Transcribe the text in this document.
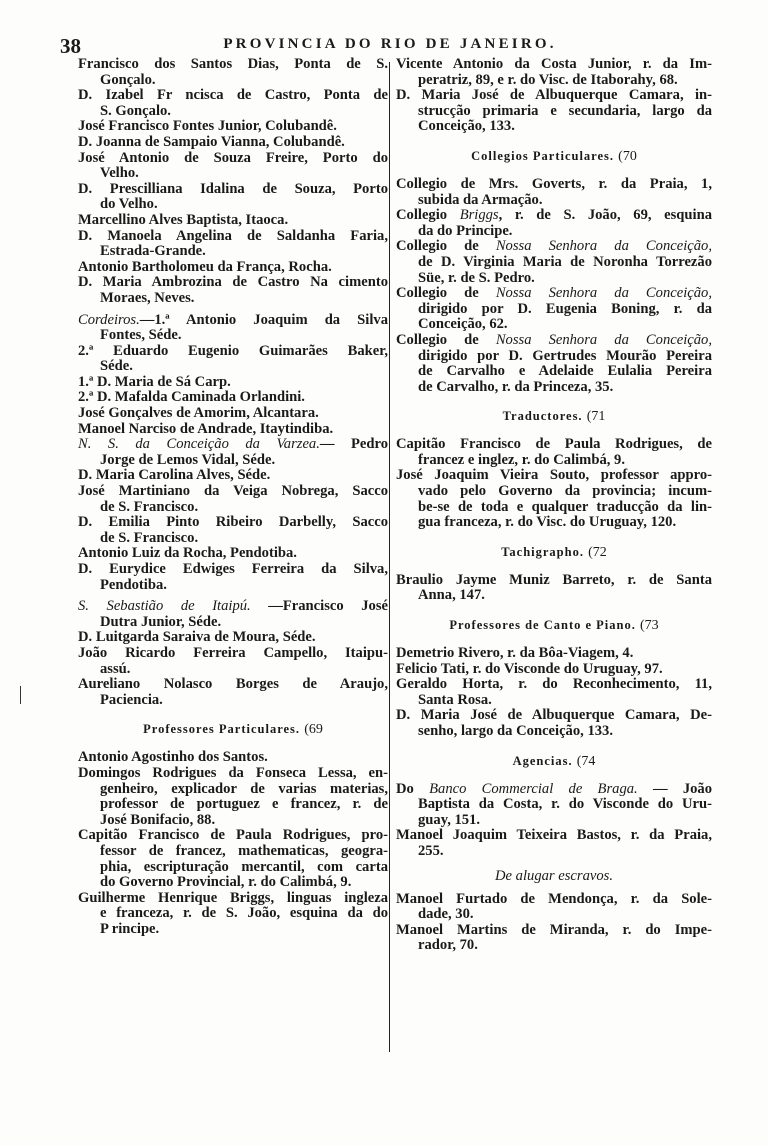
38	PROVINCIA DO RIO DE JANEIRO.
Francisco dos Santos Dias, Ponta de S.
Gonçalo.
D. Izabel Fr ncisca de Castro, Ponta de
S. Gonçalo.
José Francisco Fontes Junior, Colubandê.
D. Joanna de Sampaio Vianna, Colubandê.
José Antonio de Souza Freire, Porto do
Velho.
D. Prescilliana Idalina de Souza, Porto
do Velho.
Marcellino Alves Baptista, Itaoca.
D. Manoela Angelina de Saldanha Faria,
Estrada-Grande.
Antonio Bartholomeu da França, Rocha.
D. Maria Ambrozina de Castro Na cimento
Moraes, Neves.
Cordeiros.—1.ª Antonio Joaquim da Silva
Fontes, Séde.
2.ª Eduardo Eugenio Guimarães Baker,
Séde.
1.ª D. Maria de Sá Carp.
2.ª D. Mafalda Caminada Orlandini.
José Gonçalves de Amorim, Alcantara.
Manoel Narciso de Andrade, Itaytindiba.
N. S. da Conceição da Varzea.— Pedro
Jorge de Lemos Vidal, Séde.
D. Maria Carolina Alves, Séde.
José Martiniano da Veiga Nobrega, Sacco
de S. Francisco.
D. Emilia Pinto Ribeiro Darbelly, Sacco
de S. Francisco.
Antonio Luiz da Rocha, Pendotiba.
D. Eurydice Edwiges Ferreira da Silva,
Pendotiba.
S. Sebastião de Itaipú. —Francisco José
Dutra Junior, Séde.
D. Luitgarda Saraiva de Moura, Séde.
João Ricardo Ferreira Campello, Itaipu-
assú.
Aureliano Nolasco Borges de Araujo,
Paciencia.
Professores Particulares. (69
Antonio Agostinho dos Santos.
Domingos Rodrigues da Fonseca Lessa, en-
genheiro, explicador de varias materias,
professor de portuguez e francez, r. de
José Bonifacio, 88.
Capitão Francisco de Paula Rodrigues, pro-
fessor de francez, mathematicas, geogra-
phia, escripturação mercantil, com carta
do Governo Provincial, r. do Calimbá, 9.
Guilherme Henrique Briggs, linguas ingleza
e franceza, r. de S. João, esquina da do
P rincipe.
Vicente Antonio da Costa Junior, r. da Im-
peratriz, 89, e r. do Visc. de Itaborahy, 68.
D. Maria José de Albuquerque Camara, in-
strucção primaria e secundaria, largo da
Conceição, 133.
Collegios Particulares. (70
Collegio de Mrs. Goverts, r. da Praia, 1,
subida da Armação.
Collegio Briggs, r. de S. João, 69, esquina
da do Principe.
Collegio de Nossa Senhora da Conceição,
de D. Virginia Maria de Noronha Torrezão
Süe, r. de S. Pedro.
Collegio de Nossa Senhora da Conceição,
dirigido por D. Eugenia Boning, r. da
Conceição, 62.
Collegio de Nossa Senhora da Conceição,
dirigido por D. Gertrudes Mourão Pereira
de Carvalho e Adelaide Eulalia Pereira
de Carvalho, r. da Princeza, 35.
Traductores. (71
Capitão Francisco de Paula Rodrigues, de
francez e inglez, r. do Calimbá, 9.
José Joaquim Vieira Souto, professor appro-
vado pelo Governo da provincia; incum-
be-se de toda e qualquer traducção da lin-
gua franceza, r. do Visc. do Uruguay, 120.
Tachigrapho. (72
Braulio Jayme Muniz Barreto, r. de Santa
Anna, 147.
Professores de Canto e Piano. (73
Demetrio Rivero, r. da Bôa-Viagem, 4.
Felicio Tati, r. do Visconde do Uruguay, 97.
Geraldo Horta, r. do Reconhecimento, 11,
Santa Rosa.
D. Maria José de Albuquerque Camara, De-
senho, largo da Conceição, 133.
Agencias. (74
Do Banco Commercial de Braga. — João
Baptista da Costa, r. do Visconde do Uru-
guay, 151.
Manoel Joaquim Teixeira Bastos, r. da Praia,
255.
De alugar escravos.
Manoel Furtado de Mendonça, r. da Sole-
dade, 30.
Manoel Martins de Miranda, r. do Impe-
rador, 70.
